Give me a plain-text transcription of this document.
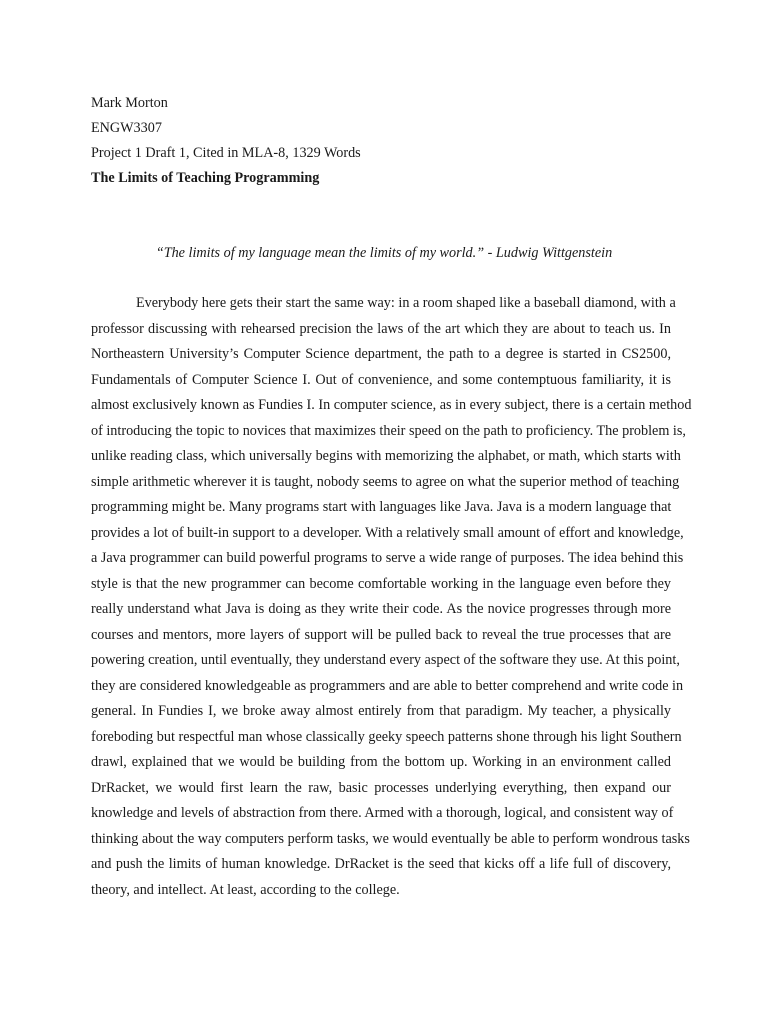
Mark Morton
ENGW3307
Project 1 Draft 1, Cited in MLA-8, 1329 Words
The Limits of Teaching Programming
“The limits of my language mean the limits of my world.” - Ludwig Wittgenstein
Everybody here gets their start the same way: in a room shaped like a baseball diamond, with a
professor discussing with rehearsed precision the laws of the art which they are about to teach us. In
Northeastern University’s Computer Science department, the path to a degree is started in CS2500,
Fundamentals of Computer Science I. Out of convenience, and some contemptuous familiarity, it is
almost exclusively known as Fundies I. In computer science, as in every subject, there is a certain method
of introducing the topic to novices that maximizes their speed on the path to proficiency. The problem is,
unlike reading class, which universally begins with memorizing the alphabet, or math, which starts with
simple arithmetic wherever it is taught, nobody seems to agree on what the superior method of teaching
programming might be. Many programs start with languages like Java. Java is a modern language that
provides a lot of built-in support to a developer. With a relatively small amount of effort and knowledge,
a Java programmer can build powerful programs to serve a wide range of purposes. The idea behind this
style is that the new programmer can become comfortable working in the language even before they
really understand what Java is doing as they write their code. As the novice progresses through more
courses and mentors, more layers of support will be pulled back to reveal the true processes that are
powering creation, until eventually, they understand every aspect of the software they use. At this point,
they are considered knowledgeable as programmers and are able to better comprehend and write code in
general. In Fundies I, we broke away almost entirely from that paradigm. My teacher, a physically
foreboding but respectful man whose classically geeky speech patterns shone through his light Southern
drawl, explained that we would be building from the bottom up. Working in an environment called
DrRacket, we would first learn the raw, basic processes underlying everything, then expand our
knowledge and levels of abstraction from there. Armed with a thorough, logical, and consistent way of
thinking about the way computers perform tasks, we would eventually be able to perform wondrous tasks
and push the limits of human knowledge. DrRacket is the seed that kicks off a life full of discovery,
theory, and intellect. At least, according to the college.
